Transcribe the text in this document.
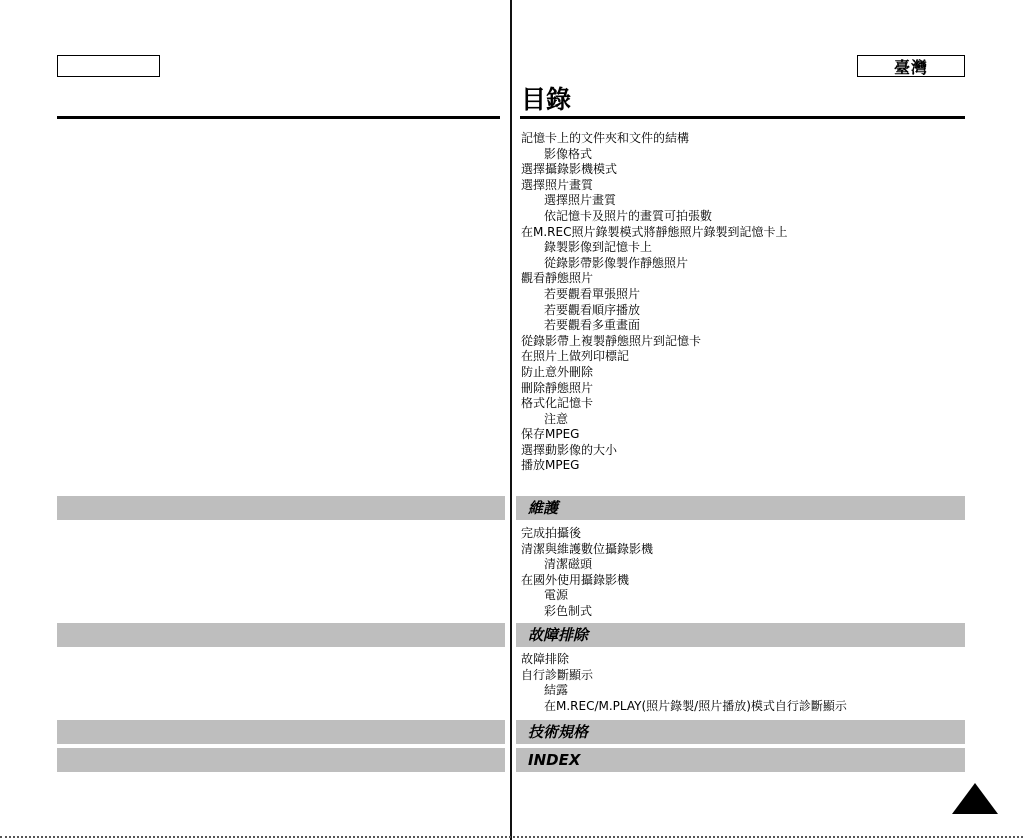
臺灣
目錄
記憶卡上的文件夾和文件的結構
影像格式
選擇攝錄影機模式
選擇照片畫質
選擇照片畫質
依記憶卡及照片的畫質可拍張數
在M.REC照片錄製模式將靜態照片錄製到記憶卡上
錄製影像到記憶卡上
從錄影帶影像製作靜態照片
觀看靜態照片
若要觀看單張照片
若要觀看順序播放
若要觀看多重畫面
從錄影帶上複製靜態照片到記憶卡
在照片上做列印標記
防止意外刪除
刪除靜態照片
格式化記憶卡
注意
保存MPEG
選擇動影像的大小
播放MPEG
維護
完成拍攝後
清潔與維護數位攝錄影機
清潔磁頭
在國外使用攝錄影機
電源
彩色制式
故障排除
故障排除
自行診斷顯示
結露
在M.REC/M.PLAY(照片錄製/照片播放)模式自行診斷顯示
技術規格
INDEX
